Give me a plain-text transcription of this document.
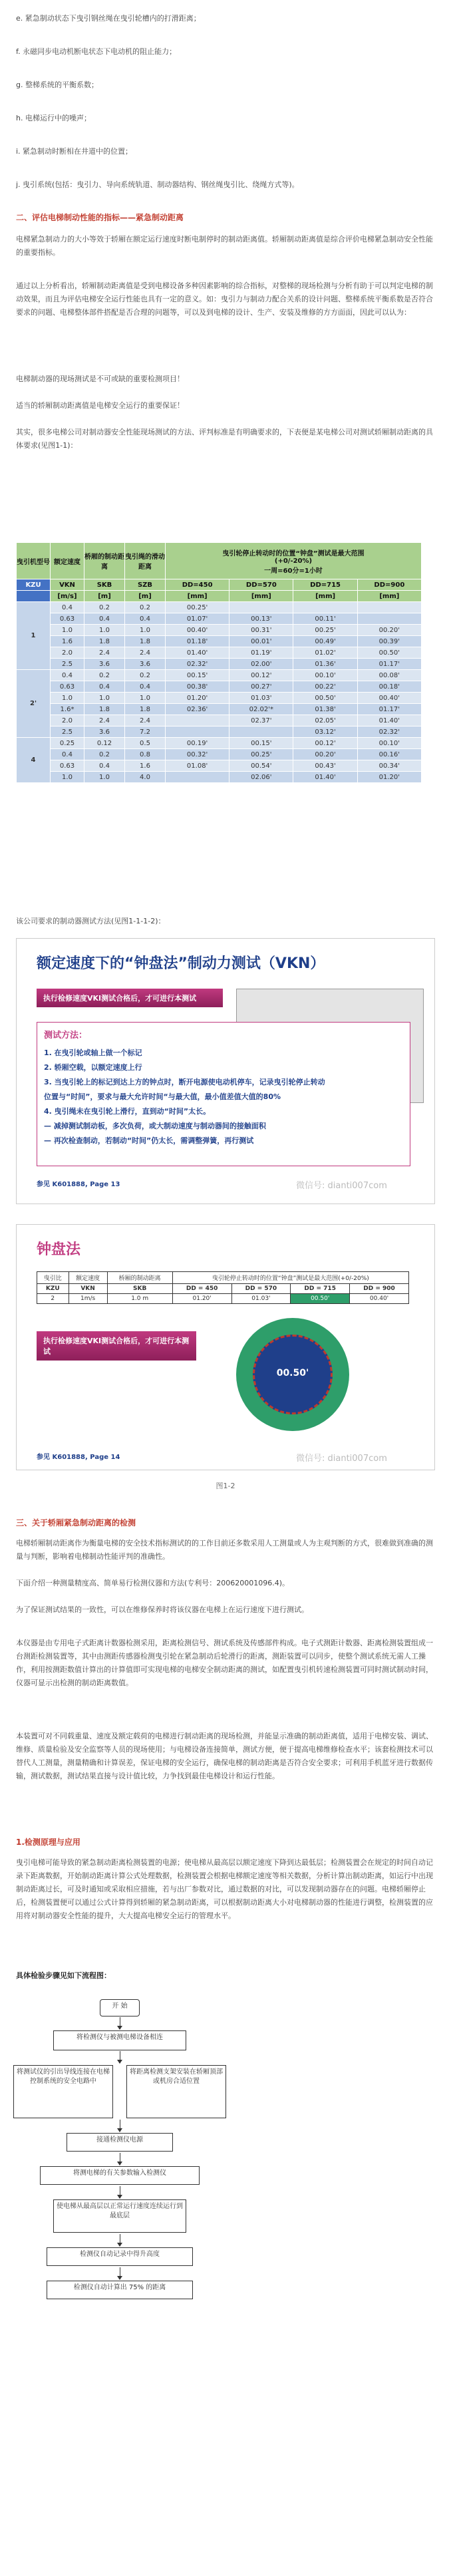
e. 紧急制动状态下曳引钢丝绳在曳引轮槽内的打滑距离；
f. 永磁同步电动机断电状态下电动机的阻止能力；
g. 整梯系统的平衡系数；
h. 电梯运行中的噪声；
i. 紧急制动时断相在井道中的位置；
j. 曳引系统(包括：曳引力、导向系统轨道、制动器结构、钢丝绳曳引比、绕绳方式等)。
二、评估电梯制动性能的指标——紧急制动距离
电梯紧急制动力的大小等效于轿厢在额定运行速度时断电制停时的制动距离值。轿厢制动距离值是综合评价电梯紧急制动安全性能的重要指标。
通过以上分析看出，轿厢制动距离值是受到电梯设备多种因素影响的综合指标，对整梯的现场检测与分析有助于可以判定电梯的制动效果，而且为评估电梯安全运行性能也具有一定的意义。如：曳引力与制动力配合关系的设计问题、整梯系统平衡系数是否符合要求的问题、电梯整体部件搭配是否合理的问题等，可以及到电梯的设计、生产、安装及维修的方方面面，因此可以认为：
电梯制动器的现场测试是不可或缺的重要检测项目！
适当的轿厢制动距离值是电梯安全运行的重要保证！
其实，很多电梯公司对制动器安全性能现场测试的方法、评判标准是有明确要求的，下表便是某电梯公司对测试轿厢制动距离的具体要求(见图1-1)：
曳引机型号	额定速度	桥厢的制动距离	曳引绳的滑动距离	曳引轮停止转动时的位置“钟盘”测试是最大范围
(+0/-20%)
一周=60分=1小时			

KZU	VKN	SKB	SZB	DD=450	DD=570	DD=715	DD=900
	[m/s]	[m]	[m]	[mm]	[mm]	[mm]	[mm]
1	0.4	0.2	0.2	00.25'			
	0.63	0.4	0.4	01.07'	00.13'	00.11'	
	1.0	1.0	1.0	00.40'	00.31'	00.25'	00.20'
	1.6	1.8	1.8	01.18'	00.01'	00.49'	00.39'
	2.0	2.4	2.4	01.40'	01.19'	01.02'	00.50'
	2.5	3.6	3.6	02.32'	02.00'	01.36'	01.17'
2'	0.4	0.2	0.2	00.15'	00.12'	00.10'	00.08'
	0.63	0.4	0.4	00.38'	00.27'	00.22'	00.18'
	1.0	1.0	1.0	01.20'	01.03'	00.50'	00.40'
	1.6*	1.8	1.8	02.36'	02.02'*	01.38'	01.17'
	2.0	2.4	2.4		02.37'	02.05'	01.40'
	2.5	3.6	7.2			03.12'	02.32'
4	0.25	0.12	0.5	00.19'	00.15'	00.12'	00.10'
	0.4	0.2	0.8	00.32'	00.25'	00.20'	00.16'
	0.63	0.4	1.6	01.08'	00.54'	00.43'	00.34'
	1.0	1.0	4.0		02.06'	01.40'	01.20'
该公司要求的制动器测试方法(见图1-1-1-2)：
额定速度下的“钟盘法”制动力测试（VKN）
执行检修速度VKI测试合格后，才可进行本测试
测试方法：
1. 在曳引轮或轴上做一个标记
2. 轿厢空载，以额定速度上行
3. 当曳引轮上的标记到达上方的钟点时，断开电源使电动机停车，记录曳引轮停止转动
位置与“时间”，要求与最大允许时间“与最大值，最小值差值大值的80%
4. 曳引绳未在曳引轮上滑行，直到动“时间”太长。
— 减掉测试制动板，多次负荷，或大制动速度与制动器间的接触面积
— 再次检查制动，若制动“时间”仍太长，需调整弹簧，再行测试
参见 K601888, Page 13	微信号: dianti007com
钟盘法
曳引比	额定速度	桥厢的制动距离	曳引轮停止转动时的位置“钟盘”测试是最大范围(+0/-20%)			
KZU	VKN	SKB	DD = 450	DD = 570	DD = 715	DD = 900
2	1m/s	1.0 m	01.20'	01.03'	00.50'	00.40'
执行检修速度VKI测试合格后，才可进行本测试
00.50'
参见 K601888, Page 14	微信号: dianti007com
图1-2
三、关于轿厢紧急制动距离的检测
电梯轿厢制动距离作为衡量电梯的安全技术指标测试的的工作目前还多数采用人工测量或人为主观判断的方式，很难做到准确的测量与判断，影响着电梯制动性能评判的准确性。
下面介绍一种测量精度高、简单易行检测仪器和方法(专利号：200620001096.4)。
为了保证测试结果的一致性，可以在维修保养时将该仪器在电梯上在运行速度下进行测试。
本仪器是由专用电子式距离计数器检测采用，距离检测信号、测试系统及传感部件构成。电子式测距计数器、距离检测装置组成一台测距检测装置等，其中由测距传感器检测曳引轮在紧急制动后轮滑行的距离，测距装置可以同步，使整个测试系统无需人工操作，利用按测距数值计算出的计算值即可实现电梯的电梯安全制动距离的测试，如配置曳引机转速检测装置可同时测试制动时间，仪器可显示出检测的制动距离数值。
本装置可对不同载重量、速度及额定载荷的电梯进行制动距离的现场检测，并能显示准确的制动距离值，适用于电梯安装、调试、维修、质量检验及安全监察等人员的现场使用；与电梯设备连接简单，测试方便，便于提高电梯维修检查水平；该套检测技术可以替代人工测量，测量精确和计算误差，保证电梯的安全运行，确保电梯的制动距离是否符合安全要求；可利用手机蓝牙进行数据传输，测试数据，测试结果直接与设计值比较，力争找到最佳电梯设计和运行性能。
1.检测原理与应用
曳引电梯可能导致的紧急制动距离检测装置的电源；使电梯从最高层以额定速度下降到达最低层；检测装置会在规定的时间自动记录下距离数据，开始制动距离计算公式处理数据，检测装置会根据电梯额定速度等相关数据，分析计算出制动距离，如运行中出现制动距离过长，可及时通知或采取相应措施，若与出厂参数对比，通过数据的对比，可以发现制动器存在的问题。电梯轿厢停止后，检测装置便可以通过公式计算得到轿厢的紧急制动距离，可以根据制动距离大小对电梯制动器的性能进行调整，检测装置的应用将对制动器安全性能的提升，大大提高电梯安全运行的管理水平。
具体检验步骤见如下流程图：
开 始
将检测仪与被测电梯设备相连
将测试仪的引出导线连接在电梯控制系统的安全电路中
将距离检测支架安装在轿厢顶部或机房合适位置
接通检测仪电源
将测电梯的有关参数输入检测仪
使电梯从最高层以正常运行速度连续运行到最底层
检测仪自动记录中得升高度
检测仪自动计算出 75% 的距离
